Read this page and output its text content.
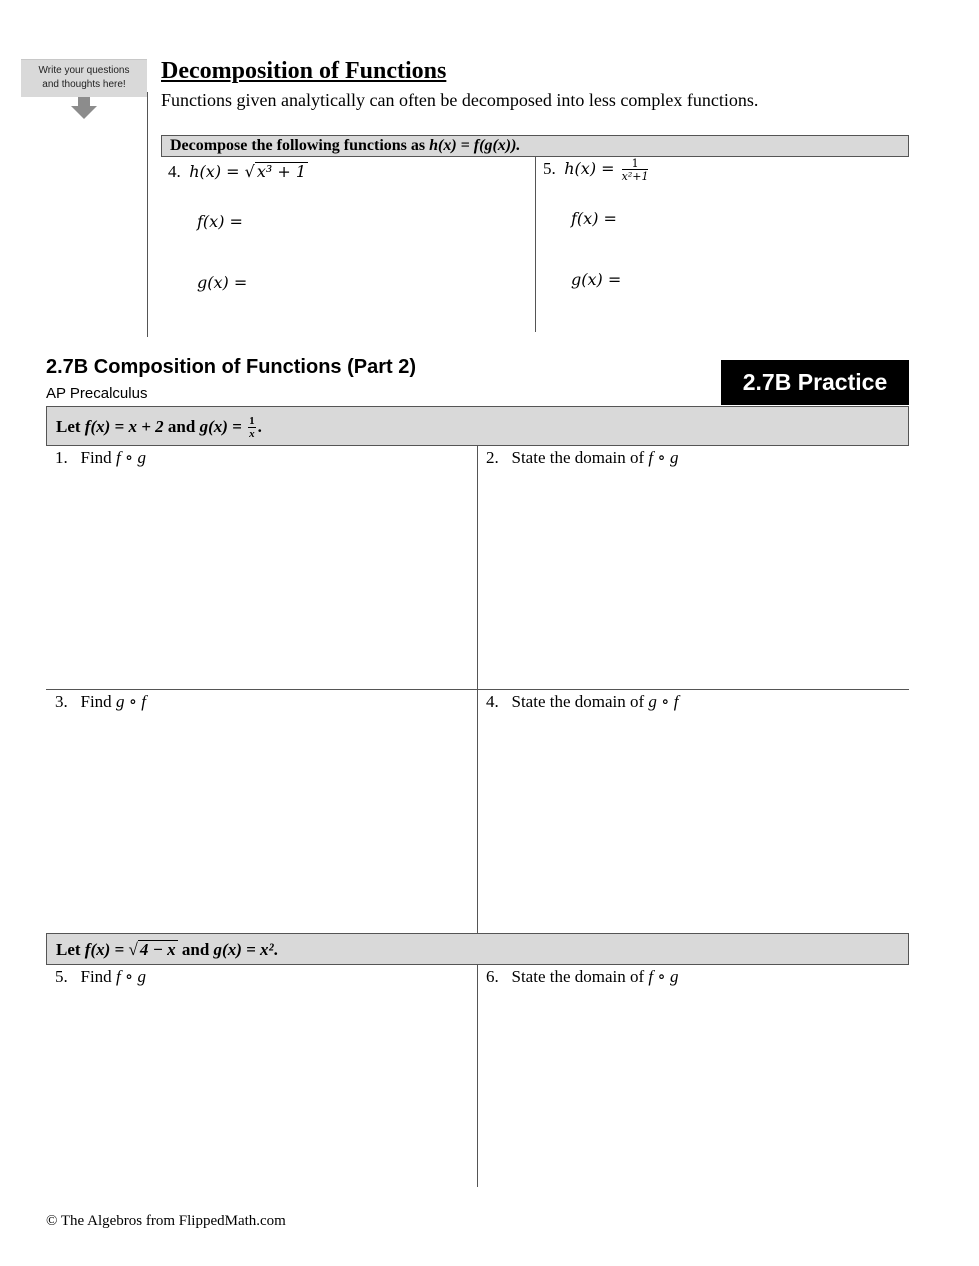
Write your questions
and thoughts here!
Decomposition of Functions
Functions given analytically can often be decomposed into less complex functions.
Decompose the following functions as h(x) = f(g(x)).
4. h(x) = √ x³ + 1
f(x) =
g(x) =
5. $h(x) = \frac{1}{\text{x²+1}}$
f(x) =
g(x) =
2.7B Composition of Functions (Part 2)
AP Precalculus	2.7B Practice
Let f(x) = x + 2 and $g(x) = \frac{1}{x}$ .
1. Find f ∘ g	2. State the domain of f ∘ g
3. Find g ∘ f	4. State the domain of g ∘ f
Let f(x) = √ 4 − x and g(x) = x².
5. Find f ∘ g	6. State the domain of f ∘ g
© The Algebros from FlippedMath.com
